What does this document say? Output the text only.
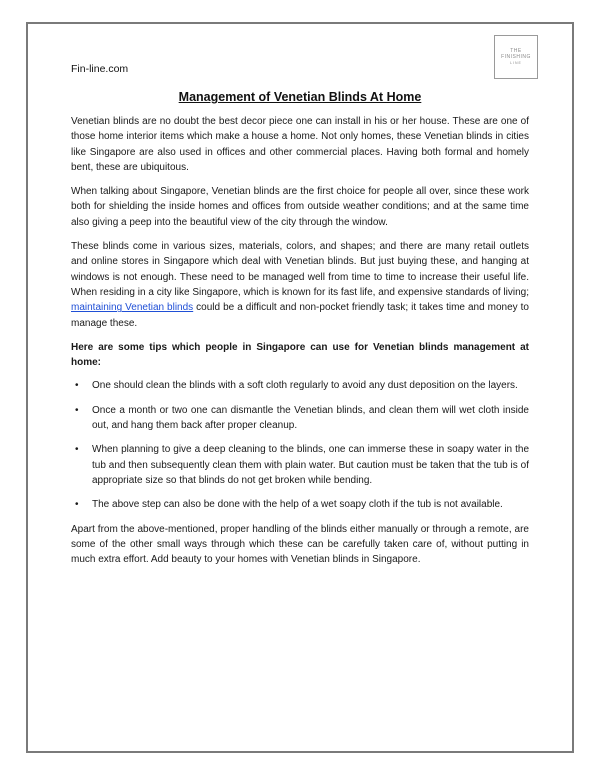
THE
FINISHING
LINE
Fin-line.com
Management of Venetian Blinds At Home

Venetian blinds are no doubt the best decor piece one can install in his or her house. These are one of those home interior items which make a house a home. Not only homes, these Venetian blinds in cities like Singapore are also used in offices and other commercial places. Having both formal and homely bent, these are ubiquitous.

When talking about Singapore, Venetian blinds are the first choice for people all over, since these work both for shielding the inside homes and offices from outside weather conditions; and at the same time also giving a peep into the beautiful view of the city through the window.

These blinds come in various sizes, materials, colors, and shapes; and there are many retail outlets and online stores in Singapore which deal with Venetian blinds. But just buying these, and hanging at windows is not enough. These need to be managed well from time to time to increase their useful life. When residing in a city like Singapore, which is known for its fast life, and expensive standards of living; maintaining Venetian blinds could be a difficult and non-pocket friendly task; it takes time and money to manage these.

Here are some tips which people in Singapore can use for Venetian blinds management at home:

• One should clean the blinds with a soft cloth regularly to avoid any dust deposition on the layers.
• Once a month or two one can dismantle the Venetian blinds, and clean them will wet cloth inside out, and hang them back after proper cleanup.
• When planning to give a deep cleaning to the blinds, one can immerse these in soapy water in the tub and then subsequently clean them with plain water. But caution must be taken that the tub is of appropriate size so that blinds do not get broken while bending.
• The above step can also be done with the help of a wet soapy cloth if the tub is not available.

Apart from the above-mentioned, proper handling of the blinds either manually or through a remote, are some of the other small ways through which these can be carefully taken care of, without putting in much extra effort. Add beauty to your homes with Venetian blinds in Singapore.
